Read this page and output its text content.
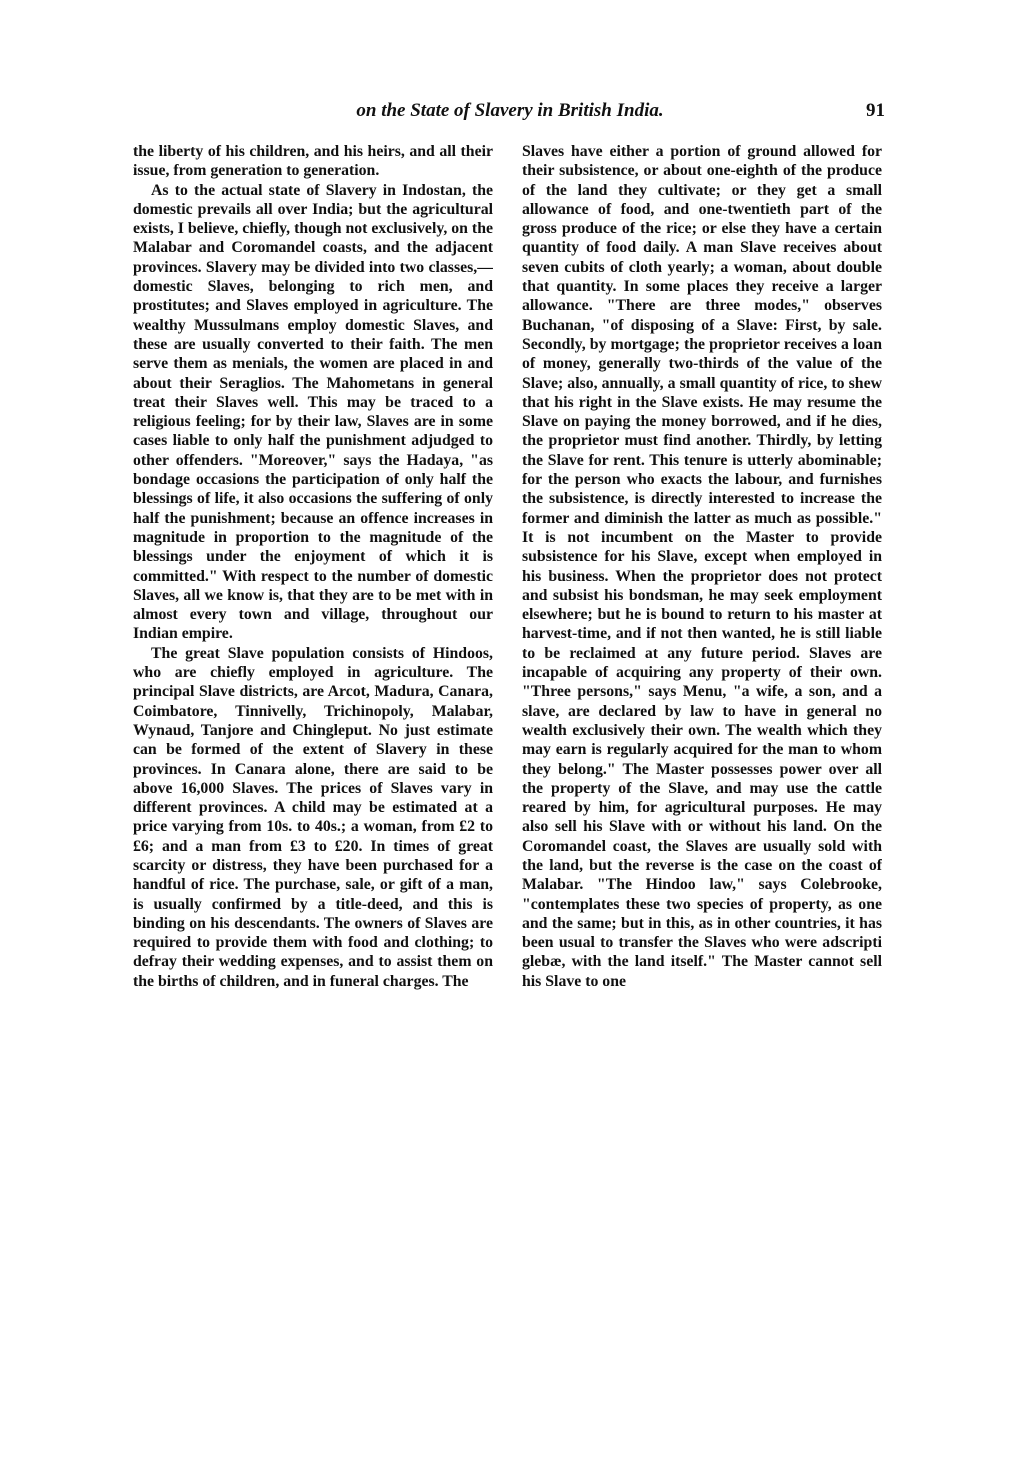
on the State of Slavery in British India.	91

the liberty of his children, and his heirs, and all their issue, from generation to generation.

As to the actual state of Slavery in Indostan, the domestic prevails all over India; but the agricultural exists, I believe, chiefly, though not exclusively, on the Malabar and Coromandel coasts, and the adjacent provinces. Slavery may be divided into two classes,—domestic Slaves, belonging to rich men, and prostitutes; and Slaves employed in agriculture. The wealthy Mussulmans employ domestic Slaves, and these are usually converted to their faith. The men serve them as menials, the women are placed in and about their Seraglios. The Mahometans in general treat their Slaves well. This may be traced to a religious feeling; for by their law, Slaves are in some cases liable to only half the punishment adjudged to other offenders. "Moreover," says the Hadaya, "as bondage occasions the participation of only half the blessings of life, it also occasions the suffering of only half the punishment; because an offence increases in magnitude in proportion to the magnitude of the blessings under the enjoyment of which it is committed." With respect to the number of domestic Slaves, all we know is, that they are to be met with in almost every town and village, throughout our Indian empire.

The great Slave population consists of Hindoos, who are chiefly employed in agriculture. The principal Slave districts, are Arcot, Madura, Canara, Coimbatore, Tinnivelly, Trichinopoly, Malabar, Wynaud, Tanjore and Chingleput. No just estimate can be formed of the extent of Slavery in these provinces. In Canara alone, there are said to be above 16,000 Slaves. The prices of Slaves vary in different provinces. A child may be estimated at a price varying from 10s. to 40s.; a woman, from £2 to £6; and a man from £3 to £20. In times of great scarcity or distress, they have been purchased for a handful of rice. The purchase, sale, or gift of a man, is usually confirmed by a title-deed, and this is binding on his descendants. The owners of Slaves are required to provide them with food and clothing; to defray their wedding expenses, and to assist them on the births of children, and in funeral charges. The

Slaves have either a portion of ground allowed for their subsistence, or about one-eighth of the produce of the land they cultivate; or they get a small allowance of food, and one-twentieth part of the gross produce of the rice; or else they have a certain quantity of food daily. A man Slave receives about seven cubits of cloth yearly; a woman, about double that quantity. In some places they receive a larger allowance. "There are three modes," observes Buchanan, "of disposing of a Slave: First, by sale. Secondly, by mortgage; the proprietor receives a loan of money, generally two-thirds of the value of the Slave; also, annually, a small quantity of rice, to shew that his right in the Slave exists. He may resume the Slave on paying the money borrowed, and if he dies, the proprietor must find another. Thirdly, by letting the Slave for rent. This tenure is utterly abominable; for the person who exacts the labour, and furnishes the subsistence, is directly interested to increase the former and diminish the latter as much as possible." It is not incumbent on the Master to provide subsistence for his Slave, except when employed in his business. When the proprietor does not protect and subsist his bondsman, he may seek employment elsewhere; but he is bound to return to his master at harvest-time, and if not then wanted, he is still liable to be reclaimed at any future period. Slaves are incapable of acquiring any property of their own. "Three persons," says Menu, "a wife, a son, and a slave, are declared by law to have in general no wealth exclusively their own. The wealth which they may earn is regularly acquired for the man to whom they belong." The Master possesses power over all the property of the Slave, and may use the cattle reared by him, for agricultural purposes. He may also sell his Slave with or without his land. On the Coromandel coast, the Slaves are usually sold with the land, but the reverse is the case on the coast of Malabar. "The Hindoo law," says Colebrooke, "contemplates these two species of property, as one and the same; but in this, as in other countries, it has been usual to transfer the Slaves who were adscripti glebæ, with the land itself." The Master cannot sell his Slave to one
